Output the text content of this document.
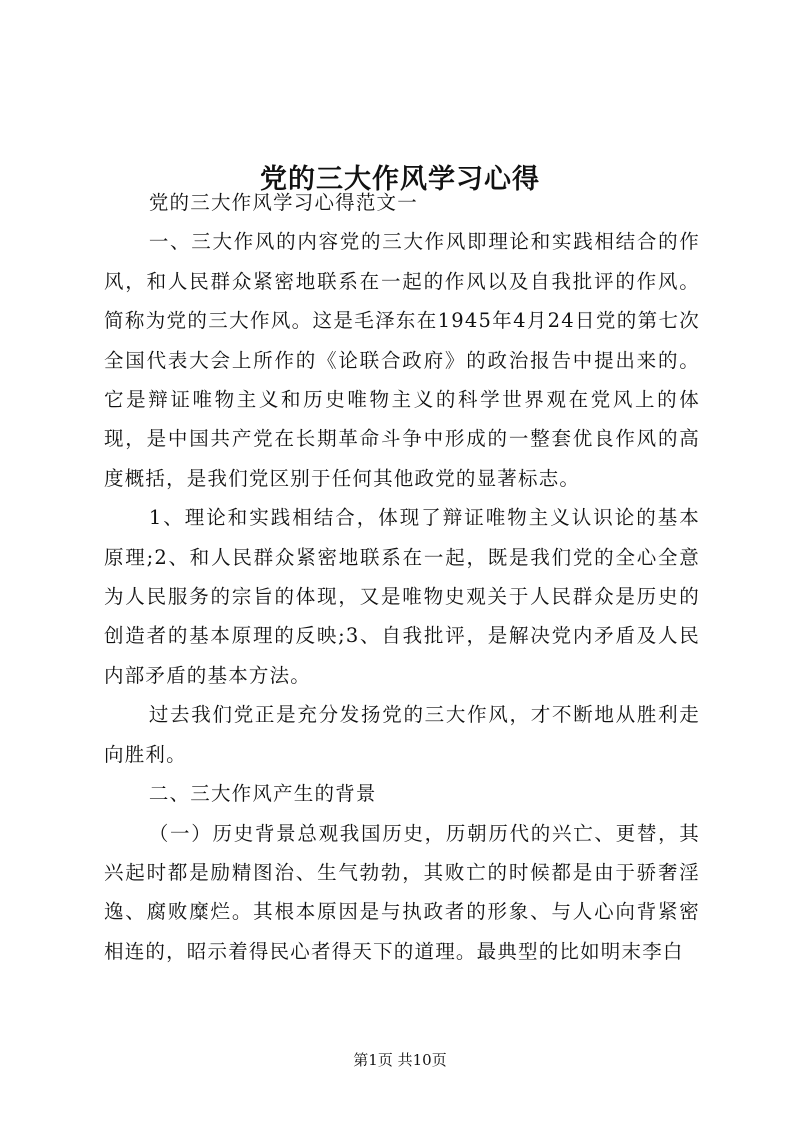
党的三大作风学习心得

党的三大作风学习心得范文一

一、三大作风的内容党的三大作风即理论和实践相结合的作风，和人民群众紧密地联系在一起的作风以及自我批评的作风。简称为党的三大作风。这是毛泽东在1945年4月24日党的第七次全国代表大会上所作的《论联合政府》的政治报告中提出来的。它是辩证唯物主义和历史唯物主义的科学世界观在党风上的体现，是中国共产党在长期革命斗争中形成的一整套优良作风的高度概括，是我们党区别于任何其他政党的显著标志。

1、理论和实践相结合，体现了辩证唯物主义认识论的基本原理;2、和人民群众紧密地联系在一起，既是我们党的全心全意为人民服务的宗旨的体现，又是唯物史观关于人民群众是历史的创造者的基本原理的反映;3、自我批评，是解决党内矛盾及人民内部矛盾的基本方法。

过去我们党正是充分发扬党的三大作风，才不断地从胜利走向胜利。

二、三大作风产生的背景

（一）历史背景总观我国历史，历朝历代的兴亡、更替，其兴起时都是励精图治、生气勃勃，其败亡的时候都是由于骄奢淫逸、腐败糜烂。其根本原因是与执政者的形象、与人心向背紧密相连的，昭示着得民心者得天下的道理。最典型的比如明末李白

第1页 共10页
